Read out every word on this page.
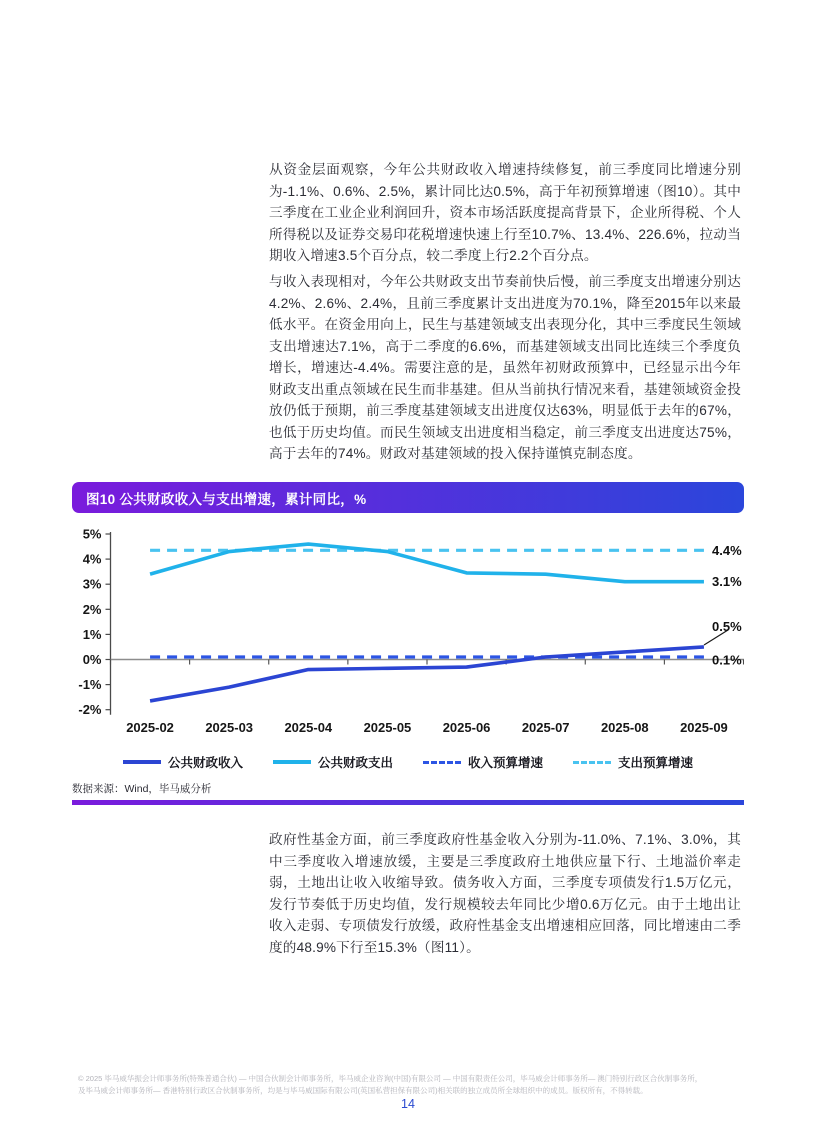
从资金层面观察，今年公共财政收入增速持续修复，前三季度同比增速分别为-1.1%、0.6%、2.5%，累计同比达0.5%，高于年初预算增速（图10）。其中三季度在工业企业利润回升，资本市场活跃度提高背景下，企业所得税、个人所得税以及证券交易印花税增速快速上行至10.7%、13.4%、226.6%，拉动当期收入增速3.5个百分点，较二季度上行2.2个百分点。
与收入表现相对，今年公共财政支出节奏前快后慢，前三季度支出增速分别达4.2%、2.6%、2.4%，且前三季度累计支出进度为70.1%，降至2015年以来最低水平。在资金用向上，民生与基建领域支出表现分化，其中三季度民生领域支出增速达7.1%，高于二季度的6.6%，而基建领域支出同比连续三个季度负增长，增速达-4.4%。需要注意的是，虽然年初财政预算中，已经显示出今年财政支出重点领域在民生而非基建。但从当前执行情况来看，基建领域资金投放仍低于预期，前三季度基建领域支出进度仅达63%，明显低于去年的67%，也低于历史均值。而民生领域支出进度相当稳定，前三季度支出进度达75%，高于去年的74%。财政对基建领域的投入保持谨慎克制态度。
图10 公共财政收入与支出增速，累计同比，%
5%
4%
3%
2%
1%
0%
-1%
-2%
2025-02 2025-03 2025-04 2025-05 2025-06 2025-07 2025-08 2025-09
0.5%
3.1%
0.1%
4.4%
公共财政收入	公共财政支出	收入预算增速	支出预算增速
数据来源：Wind，毕马威分析
政府性基金方面，前三季度政府性基金收入分别为-11.0%、7.1%、3.0%，其中三季度收入增速放缓，主要是三季度政府土地供应量下行、土地溢价率走弱，土地出让收入收缩导致。债务收入方面，三季度专项债发行1.5万亿元，发行节奏低于历史均值，发行规模较去年同比少增0.6万亿元。由于土地出让收入走弱、专项债发行放缓，政府性基金支出增速相应回落，同比增速由二季度的48.9%下行至15.3%（图11）。
© 2025 毕马威华振会计师事务所(特殊普通合伙) — 中国合伙制会计师事务所，毕马威企业咨询(中国)有限公司 — 中国有限责任公司，毕马威会计师事务所— 澳门特别行政区合伙制事务所，
及毕马威会计师事务所— 香港特别行政区合伙制事务所，均是与毕马威国际有限公司(英国私营担保有限公司)相关联的独立成员所全球组织中的成员。版权所有，不得转载。
14
